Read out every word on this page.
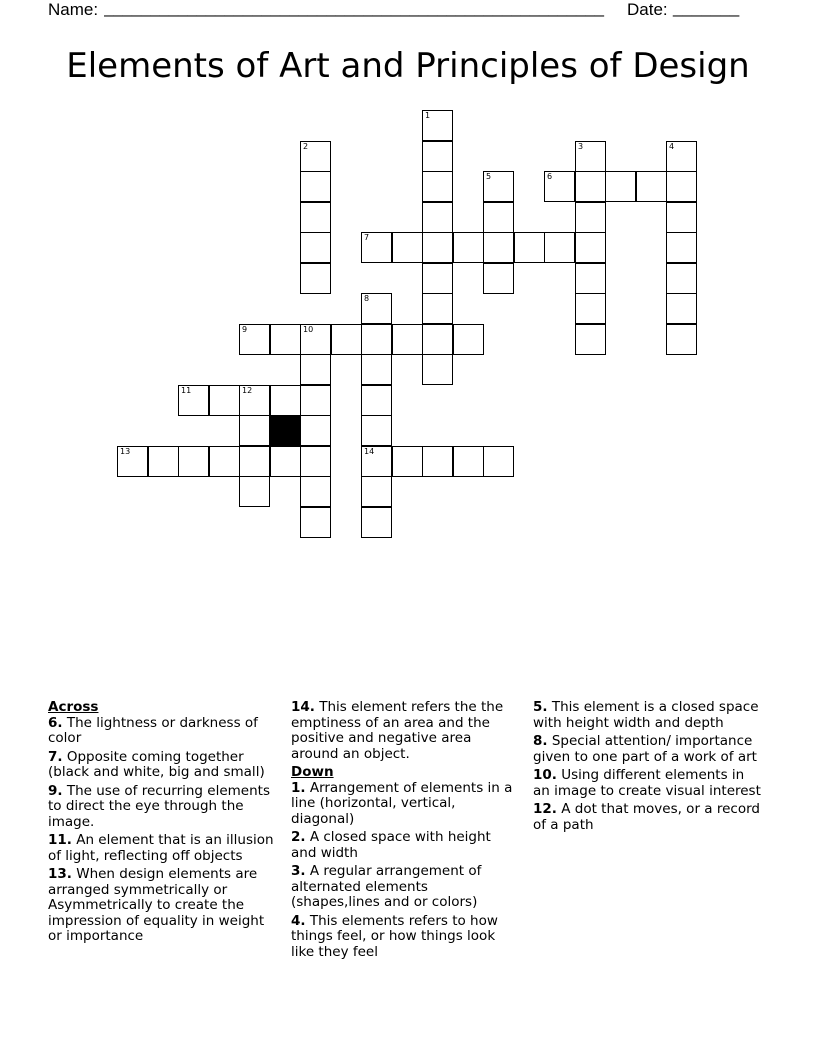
Name: ______________________________________________________	Date: _______
Elements of Art and Principles of Design
1
2	3	4
5	6
7
8
9	10
11	12
13	14
Across
6. The lightness or darkness of color
7. Opposite coming together (black and white, big and small)
9. The use of recurring elements to direct the eye through the image.
11. An element that is an illusion of light, reflecting off objects
13. When design elements are arranged symmetrically or Asymmetrically to create the impression of equality in weight or importance
14. This element refers the the emptiness of an area and the positive and negative area around an object.
Down
1. Arrangement of elements in a line (horizontal, vertical, diagonal)
2. A closed space with height and width
3. A regular arrangement of alternated elements (shapes,lines and or colors)
4. This elements refers to how things feel, or how things look like they feel
5. This element is a closed space with height width and depth
8. Special attention/ importance given to one part of a work of art
10. Using different elements in an image to create visual interest
12. A dot that moves, or a record of a path
